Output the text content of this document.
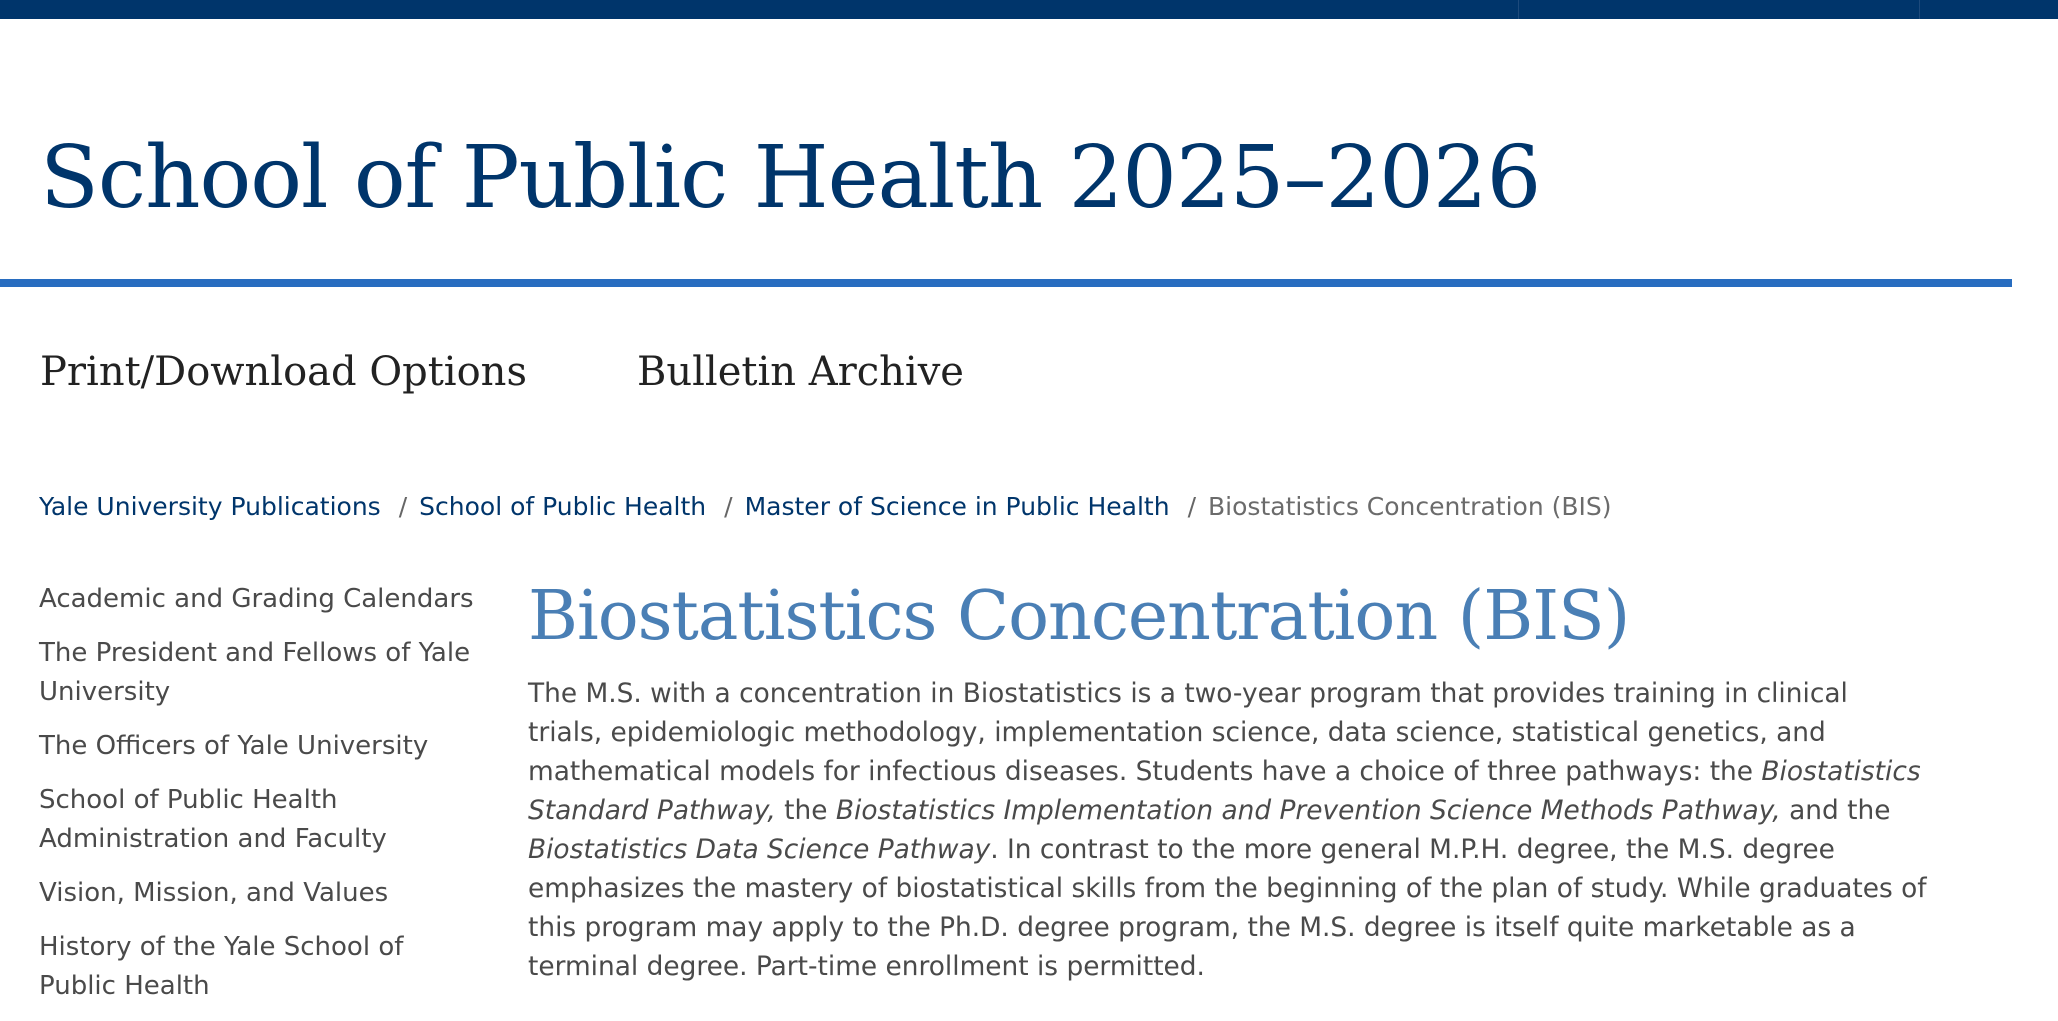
School of Public Health 2025–2026
Print/Download Options	Bulletin Archive
Yale University Publications / School of Public Health / Master of Science in Public Health / Biostatistics Concentration (BIS)
Academic and Grading Calendars
The President and Fellows of Yale University
The Officers of Yale University
School of Public Health Administration and Faculty
Vision, Mission, and Values
History of the Yale School of Public Health
Biostatistics Concentration (BIS)

The M.S. with a concentration in Biostatistics is a two-year program that provides training in clinical trials, epidemiologic methodology, implementation science, data science, statistical genetics, and mathematical models for infectious diseases. Students have a choice of three pathways: the Biostatistics Standard Pathway, the Biostatistics Implementation and Prevention Science Methods Pathway, and the Biostatistics Data Science Pathway. In contrast to the more general M.P.H. degree, the M.S. degree emphasizes the mastery of biostatistical skills from the beginning of the plan of study. While graduates of this program may apply to the Ph.D. degree program, the M.S. degree is itself quite marketable as a terminal degree. Part-time enrollment is permitted.
